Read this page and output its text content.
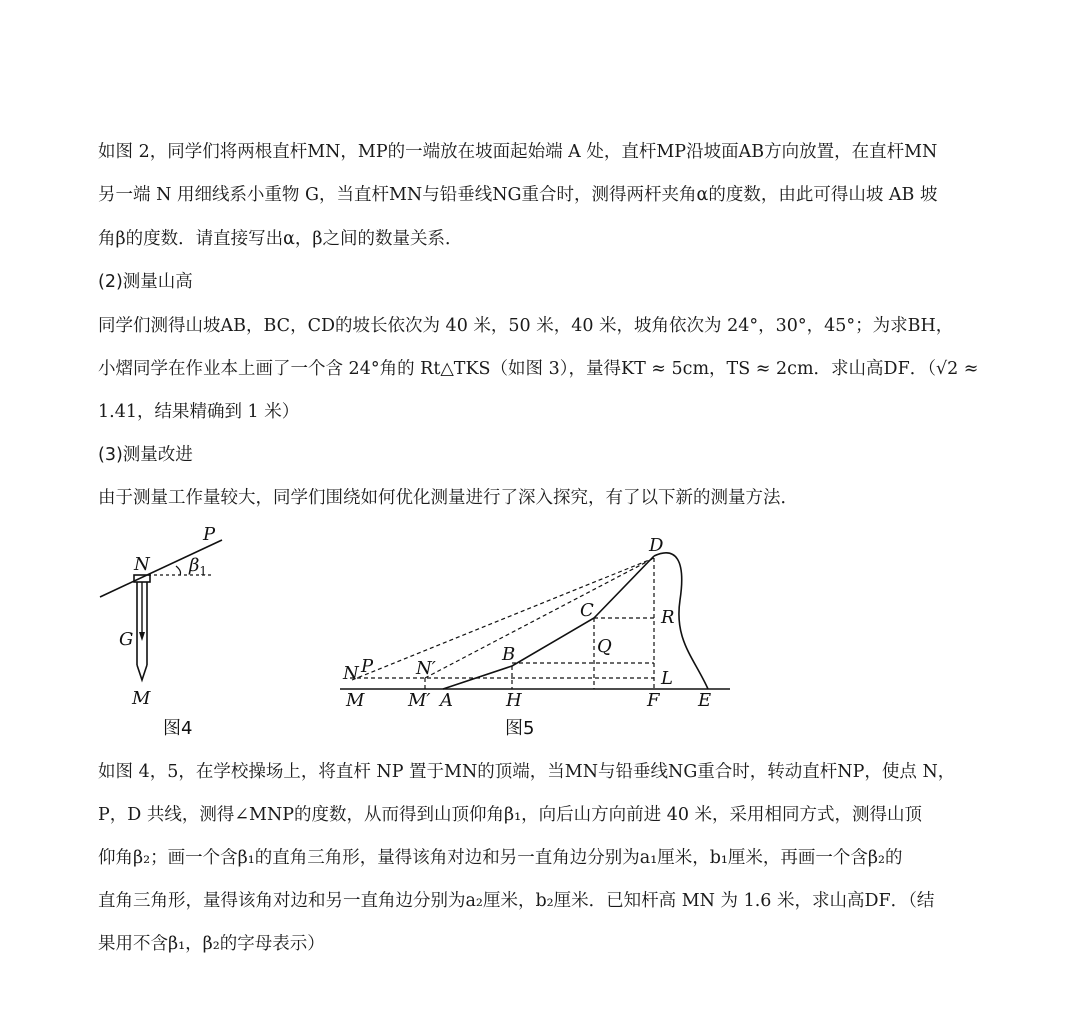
如图 2，同学们将两根直杆MN，MP的一端放在坡面起始端 A 处，直杆MP沿坡面AB方向放置，在直杆MN
另一端 N 用细线系小重物 G，当直杆MN与铅垂线NG重合时，测得两杆夹角α的度数，由此可得山坡 AB 坡
角β的度数．请直接写出α，β之间的数量关系．
(2)测量山高
同学们测得山坡AB，BC，CD的坡长依次为 40 米，50 米，40 米，坡角依次为 24°，30°，45°；为求BH，
小熠同学在作业本上画了一个含 24°角的 Rt△TKS（如图 3），量得KT ≈ 5cm，TS ≈ 2cm．求山高DF．（√2 ≈
1.41，结果精确到 1 米）
(3)测量改进
由于测量工作量较大，同学们围绕如何优化测量进行了深入探究，有了以下新的测量方法．
P
N $\beta_1$
G
M
图4
D
C	R
Q
B
L
N P N′
M M′ A	H	F E
图5
如图 4，5，在学校操场上，将直杆 NP 置于MN的顶端，当MN与铅垂线NG重合时，转动直杆NP，使点 N，
P，D 共线，测得∠MNP的度数，从而得到山顶仰角β₁，向后山方向前进 40 米，采用相同方式，测得山顶
仰角β₂；画一个含β₁的直角三角形，量得该角对边和另一直角边分别为a₁厘米，b₁厘米，再画一个含β₂的
直角三角形，量得该角对边和另一直角边分别为a₂厘米，b₂厘米．已知杆高 MN 为 1.6 米，求山高DF．（结
果用不含β₁，β₂的字母表示）
